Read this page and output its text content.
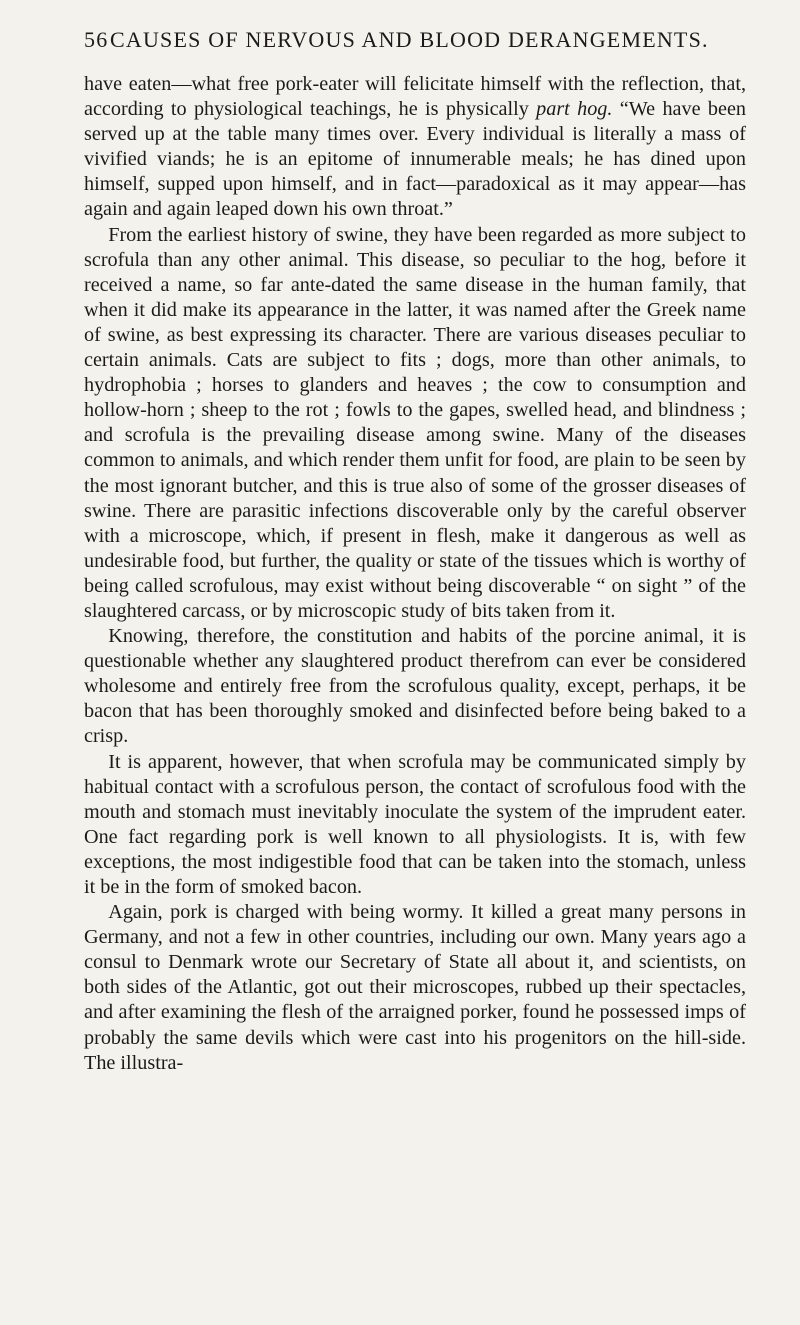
56 CAUSES OF NERVOUS AND BLOOD DERANGEMENTS.

have eaten—what free pork-eater will felicitate himself with the reflection, that, according to physiological teachings, he is physically part hog. “We have been served up at the table many times over. Every individual is literally a mass of vivified viands; he is an epitome of innumerable meals; he has dined upon himself, supped upon himself, and in fact—paradoxical as it may appear—has again and again leaped down his own throat.”

From the earliest history of swine, they have been regarded as more subject to scrofula than any other animal. This disease, so peculiar to the hog, before it received a name, so far ante-dated the same disease in the human family, that when it did make its appearance in the latter, it was named after the Greek name of swine, as best expressing its character. There are various diseases peculiar to certain animals. Cats are subject to fits ; dogs, more than other animals, to hydrophobia ; horses to glanders and heaves ; the cow to consumption and hollow-horn ; sheep to the rot ; fowls to the gapes, swelled head, and blindness ; and scrofula is the prevailing disease among swine. Many of the diseases common to animals, and which render them unfit for food, are plain to be seen by the most ignorant butcher, and this is true also of some of the grosser diseases of swine. There are parasitic infections discoverable only by the careful observer with a microscope, which, if present in flesh, make it dangerous as well as undesirable food, but further, the quality or state of the tissues which is worthy of being called scrofulous, may exist without being discoverable “ on sight ” of the slaughtered carcass, or by microscopic study of bits taken from it.

Knowing, therefore, the constitution and habits of the porcine animal, it is questionable whether any slaughtered product therefrom can ever be considered wholesome and entirely free from the scrofulous quality, except, perhaps, it be bacon that has been thoroughly smoked and disinfected before being baked to a crisp.

It is apparent, however, that when scrofula may be communicated simply by habitual contact with a scrofulous person, the contact of scrofulous food with the mouth and stomach must inevitably inoculate the system of the imprudent eater. One fact regarding pork is well known to all physiologists. It is, with few exceptions, the most indigestible food that can be taken into the stomach, unless it be in the form of smoked bacon.

Again, pork is charged with being wormy. It killed a great many persons in Germany, and not a few in other countries, including our own. Many years ago a consul to Denmark wrote our Secretary of State all about it, and scientists, on both sides of the Atlantic, got out their microscopes, rubbed up their spectacles, and after examining the flesh of the arraigned porker, found he possessed imps of probably the same devils which were cast into his progenitors on the hill-side. The illustra-
